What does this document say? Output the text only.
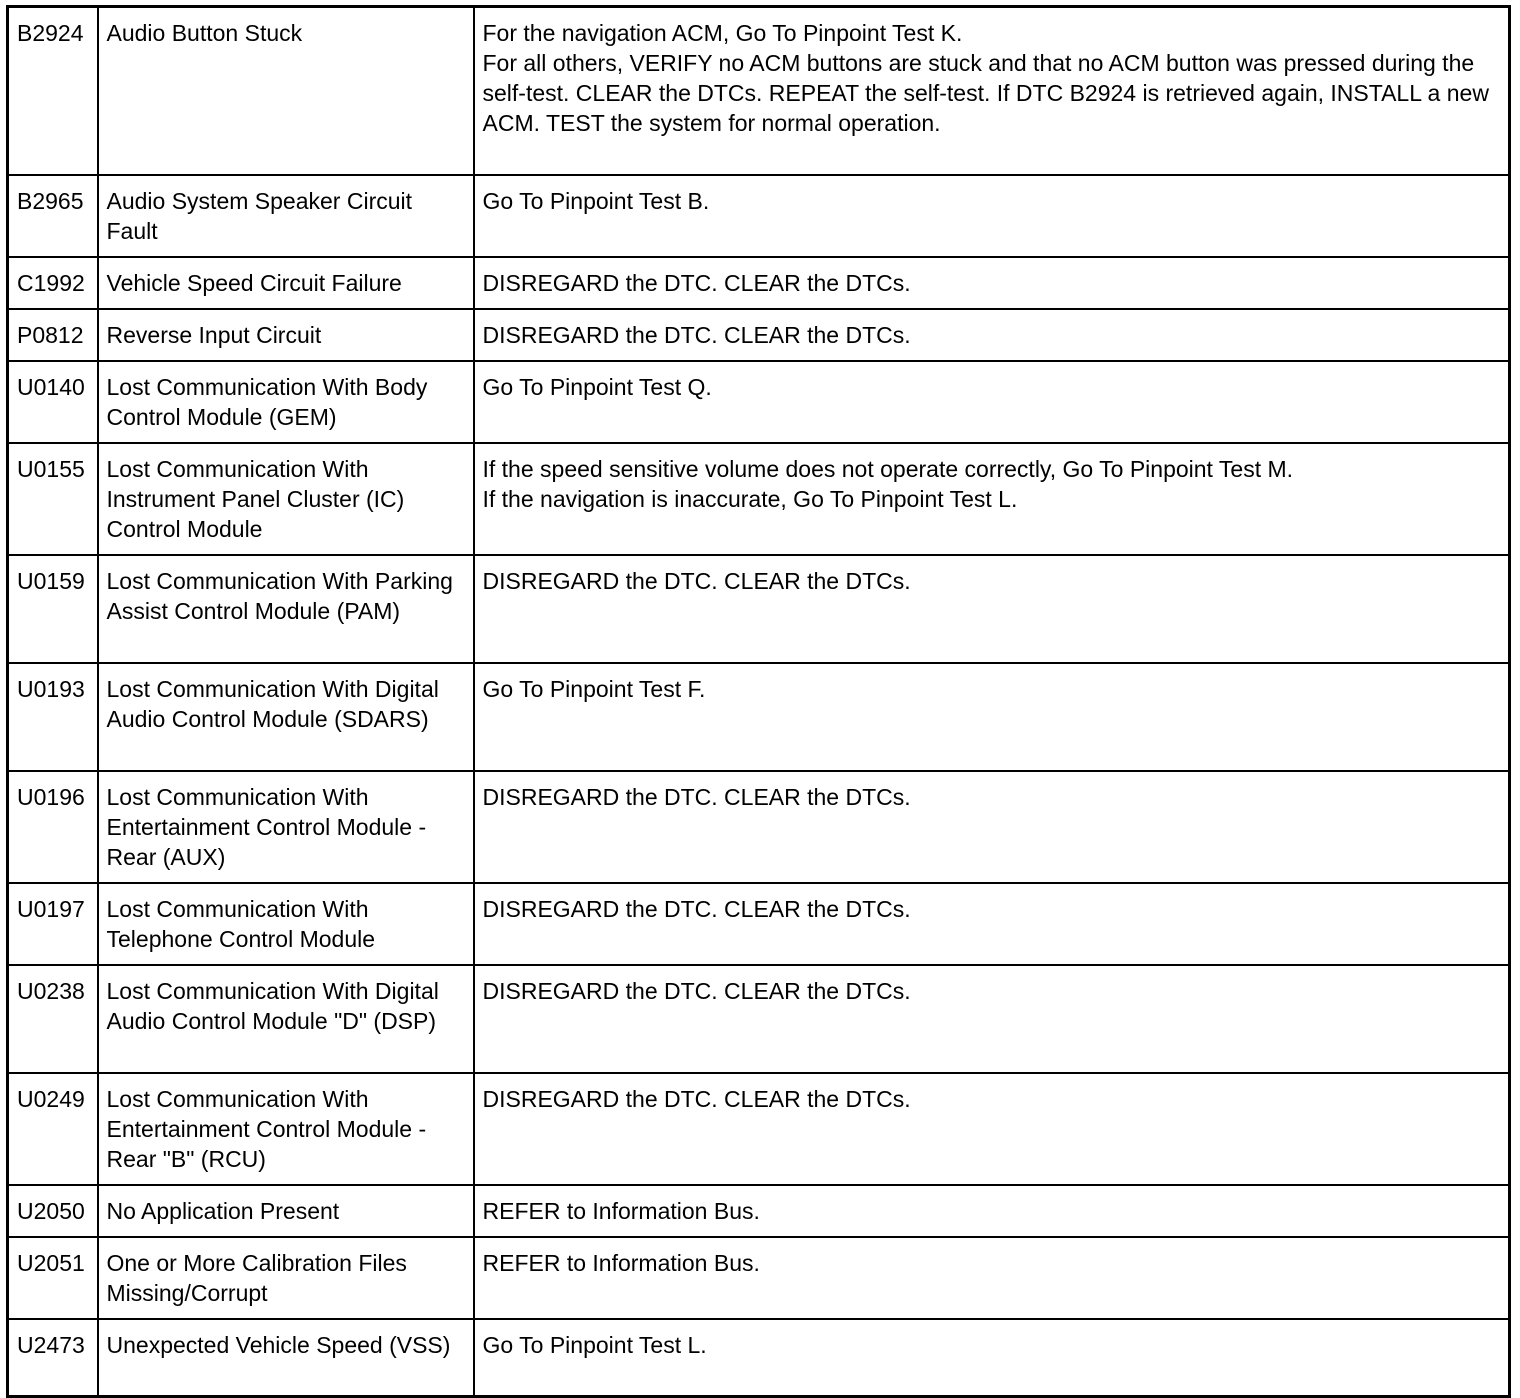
B2924	Audio Button Stuck	For the navigation ACM, Go To Pinpoint Test K.
For all others, VERIFY no ACM buttons are stuck and that no ACM button was pressed during the self-test. CLEAR the DTCs. REPEAT the self-test. If DTC B2924 is retrieved again, INSTALL a new ACM. TEST the system for normal operation.
B2965	Audio System Speaker Circuit Fault	Go To Pinpoint Test B.
C1992	Vehicle Speed Circuit Failure	DISREGARD the DTC. CLEAR the DTCs.
P0812	Reverse Input Circuit	DISREGARD the DTC. CLEAR the DTCs.
U0140	Lost Communication With Body Control Module (GEM)	Go To Pinpoint Test Q.
U0155	Lost Communication With Instrument Panel Cluster (IC) Control Module	If the speed sensitive volume does not operate correctly, Go To Pinpoint Test M.
If the navigation is inaccurate, Go To Pinpoint Test L.
U0159	Lost Communication With Parking Assist Control Module (PAM)	DISREGARD the DTC. CLEAR the DTCs.
U0193	Lost Communication With Digital Audio Control Module (SDARS)	Go To Pinpoint Test F.
U0196	Lost Communication With Entertainment Control Module - Rear (AUX)	DISREGARD the DTC. CLEAR the DTCs.
U0197	Lost Communication With Telephone Control Module	DISREGARD the DTC. CLEAR the DTCs.
U0238	Lost Communication With Digital Audio Control Module "D" (DSP)	DISREGARD the DTC. CLEAR the DTCs.
U0249	Lost Communication With Entertainment Control Module - Rear "B" (RCU)	DISREGARD the DTC. CLEAR the DTCs.
U2050	No Application Present	REFER to Information Bus.
U2051	One or More Calibration Files Missing/Corrupt	REFER to Information Bus.
U2473	Unexpected Vehicle Speed (VSS)	Go To Pinpoint Test L.
